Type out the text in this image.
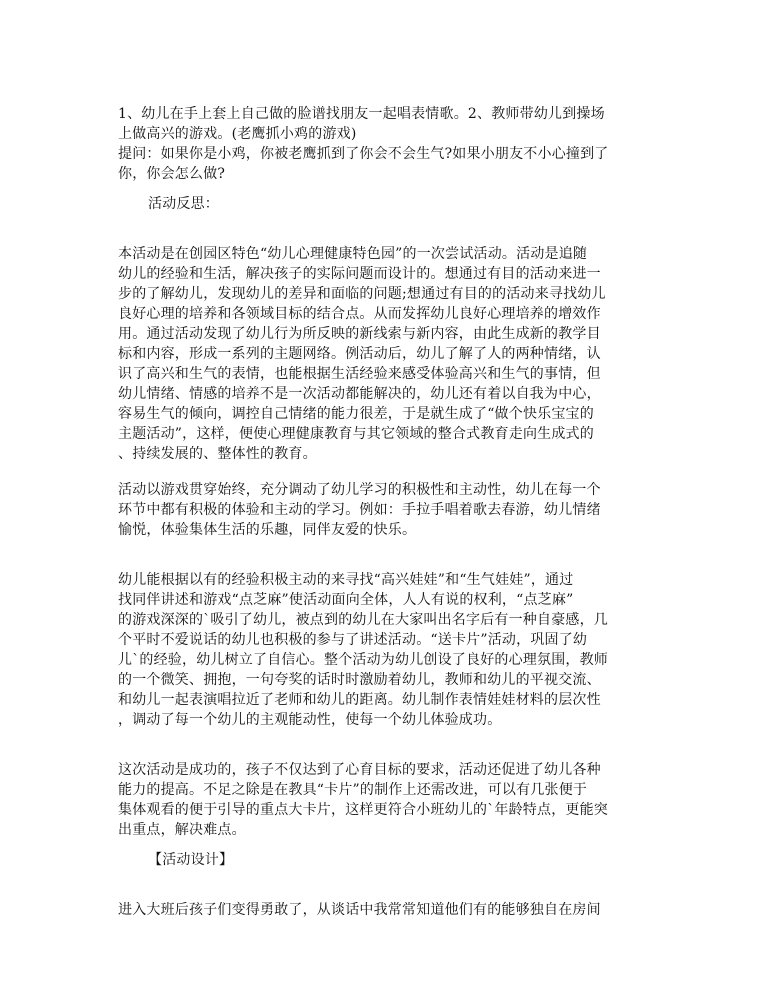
1、幼儿在手上套上自己做的脸谱找朋友一起唱表情歌。2、教师带幼儿到操场
上做高兴的游戏。(老鹰抓小鸡的游戏)
提问：如果你是小鸡，你被老鹰抓到了你会不会生气?如果小朋友不小心撞到了
你，你会怎么做?
活动反思：
本活动是在创园区特色“幼儿心理健康特色园”的一次尝试活动。活动是追随
幼儿的经验和生活，解决孩子的实际问题而设计的。想通过有目的活动来进一
步的了解幼儿，发现幼儿的差异和面临的问题;想通过有目的的活动来寻找幼儿
良好心理的培养和各领域目标的结合点。从而发挥幼儿良好心理培养的增效作
用。通过活动发现了幼儿行为所反映的新线索与新内容，由此生成新的教学目
标和内容，形成一系列的主题网络。例活动后，幼儿了解了人的两种情绪，认
识了高兴和生气的表情，也能根据生活经验来感受体验高兴和生气的事情，但
幼儿情绪、情感的培养不是一次活动都能解决的，幼儿还有着以自我为中心，
容易生气的倾向，调控自己情绪的能力很差，于是就生成了“做个快乐宝宝的
主题活动”，这样，便使心理健康教育与其它领域的整合式教育走向生成式的
、持续发展的、整体性的教育。
活动以游戏贯穿始终，充分调动了幼儿学习的积极性和主动性，幼儿在每一个
环节中都有积极的体验和主动的学习。例如：手拉手唱着歌去春游，幼儿情绪
愉悦，体验集体生活的乐趣，同伴友爱的快乐。
幼儿能根据以有的经验积极主动的来寻找“高兴娃娃”和“生气娃娃”，通过
找同伴讲述和游戏“点芝麻”使活动面向全体，人人有说的权利，“点芝麻”
的游戏深深的`吸引了幼儿，被点到的幼儿在大家叫出名字后有一种自豪感，几
个平时不爱说话的幼儿也积极的参与了讲述活动。“送卡片”活动，巩固了幼
儿`的经验，幼儿树立了自信心。整个活动为幼儿创设了良好的心理氛围，教师
的一个微笑、拥抱，一句夸奖的话时时激励着幼儿，教师和幼儿的平视交流、
和幼儿一起表演唱拉近了老师和幼儿的距离。幼儿制作表情娃娃材料的层次性
，调动了每一个幼儿的主观能动性，使每一个幼儿体验成功。
这次活动是成功的，孩子不仅达到了心育目标的要求，活动还促进了幼儿各种
能力的提高。不足之除是在教具“卡片”的制作上还需改进，可以有几张便于
集体观看的便于引导的重点大卡片，这样更符合小班幼儿的`年龄特点，更能突
出重点，解决难点。
【活动设计】
进入大班后孩子们变得勇敢了，从谈话中我常常知道他们有的能够独自在房间
